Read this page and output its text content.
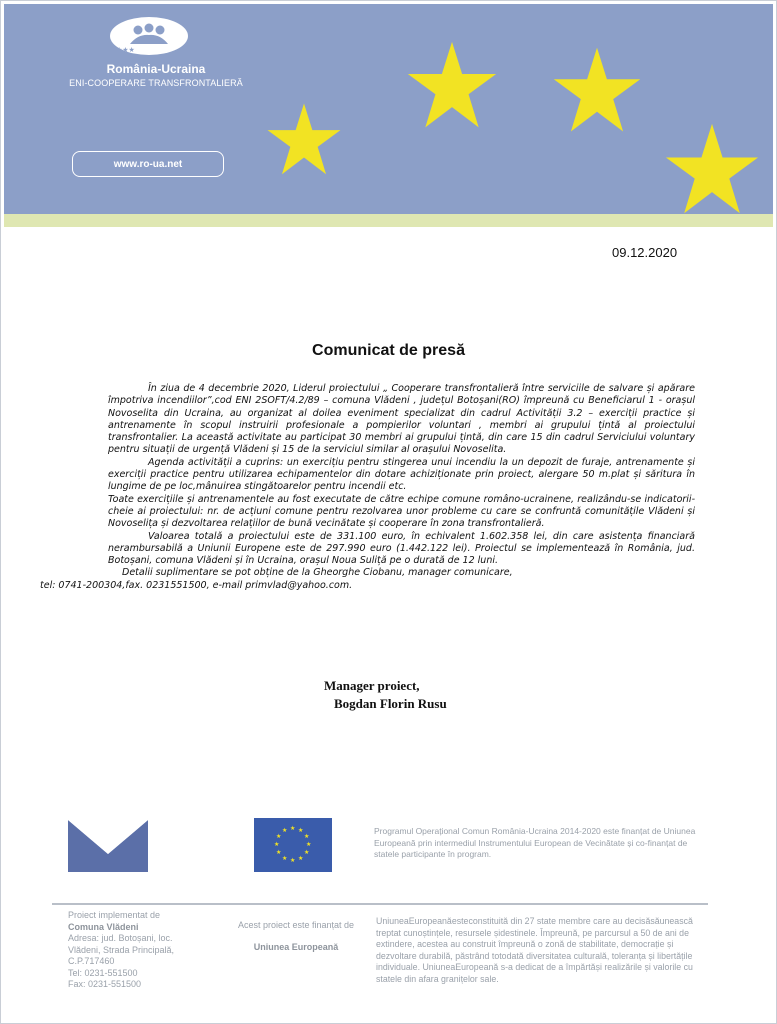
★★★
România-Ucraina
ENI-COOPERARE TRANSFRONTALIERĂ
www.ro-ua.net
09.12.2020
Comunicat de presă

În ziua de 4 decembrie 2020, Liderul proiectului „ Cooperare transfrontalieră între serviciile de salvare și apărare împotriva incendiilor”,cod ENI 2SOFT/4.2/89 – comuna Vlădeni , județul Botoșani(RO) împreună cu Beneficiarul 1 - orașul Novoselita din Ucraina, au organizat al doilea eveniment specializat din cadrul Activității 3.2 – exerciții practice și antrenamente în scopul instruirii profesionale a pompierilor voluntari , membri ai grupului țintă al proiectului transfrontalier. La această activitate au participat 30 membri ai grupului țintă, din care 15 din cadrul Serviciului voluntary pentru situații de urgență Vlădeni și 15 de la serviciul similar al orașului Novoselita.

Agenda activității a cuprins: un exercițiu pentru stingerea unui incendiu la un depozit de furaje, antrenamente și exerciții practice pentru utilizarea echipamentelor din dotare achiziționate prin proiect, alergare 50 m.plat și săritura în lungime de pe loc,mânuirea stingătoarelor pentru incendii etc.

Toate exercițiile și antrenamentele au fost executate de către echipe comune româno-ucrainene, realizându-se indicatorii- cheie ai proiectului: nr. de acțiuni comune pentru rezolvarea unor probleme cu care se confruntă comunitățile Vlădeni și Novoselița și dezvoltarea relațiilor de bună vecinătate și cooperare în zona transfrontalieră.

Valoarea totală a proiectului este de 331.100 euro, în echivalent 1.602.358 lei, din care asistența financiară nerambursabilă a Uniunii Europene este de 297.990 euro (1.442.122 lei). Proiectul se implementează în România, jud. Botoșani, comuna Vlădeni și în Ucraina, orașul Noua Suliță pe o durată de 12 luni.

Detalii suplimentare se pot obține de la Gheorghe Ciobanu, manager comunicare,

tel: 0741-200304,fax. 0231551500, e-mail primvlad@yahoo.com.

Manager proiect,
Bogdan Florin Rusu
★ ★
★
★
★
★
★
★
★
★
★
★	Programul Operațional Comun România-Ucraina 2014-2020 este finanțat de Uniunea Europeană prin intermediul Instrumentului European de Vecinătate și co-finanțat de statele participante în program.
Proiect implementat de
Comuna Vlădeni
Adresa: jud. Botoșani, loc. Vlădeni, Strada Principală, C.P.717460
Tel: 0231-551500
Fax: 0231-551500
Acest proiect este finanțat de
Uniunea Europeană
UniuneaEuropeanăesteconstituită din 27 state membre care au decisăsăunească treptat cunoștințele, resursele șidestinele. Împreună, pe parcursul a 50 de ani de extindere, acestea au construit împreună o zonă de stabilitate, democrație și dezvoltare durabilă, păstrând totodată diversitatea culturală, toleranța și libertățile individuale. UniuneaEuropeană s-a dedicat de a împărtăși realizările și valorile cu statele din afara granițelor sale.
